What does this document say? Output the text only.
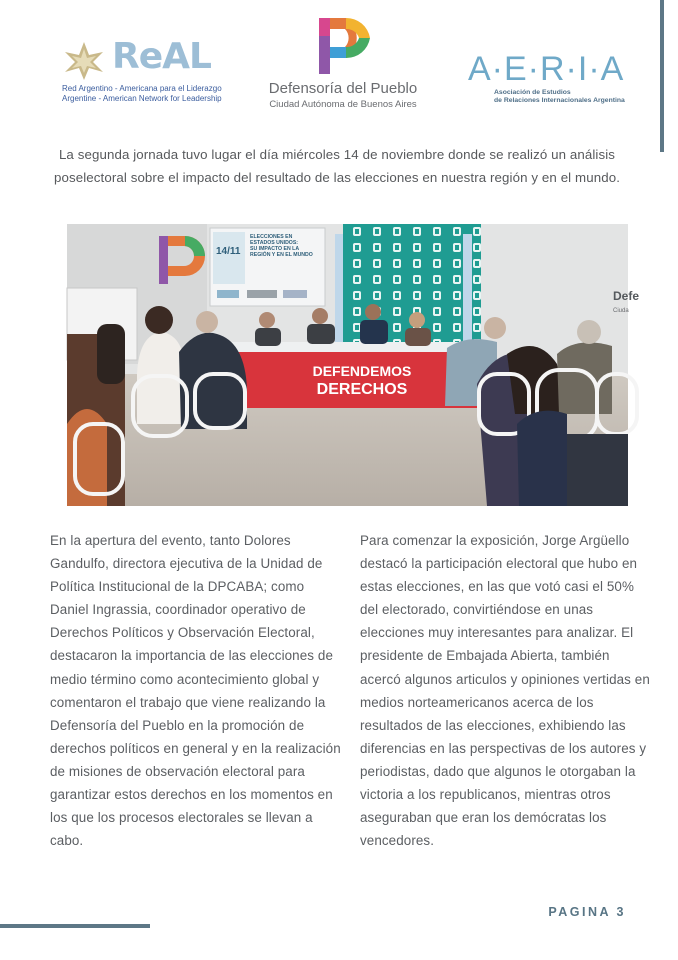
ReAL
Red Argentino - Americana para el Liderazgo
Argentine - American Network for Leadership
Defensoría del Pueblo
Ciudad Autónoma de Buenos Aires
A·E·R·I·A
Asociación de Estudios
de Relaciones Internacionales Argentina
La segunda jornada tuvo lugar el día miércoles 14 de noviembre donde se realizó un análisis poselectoral sobre el impacto del resultado de las elecciones en nuestra región y en el mundo.
ELECCIONES EN
ESTADOS UNIDOS:
SU IMPACTO EN LA
REGIÓN Y EN EL MUNDO
14/11
Defe
Ciuda
DEFENDEMOS
DERECHOS
En la apertura del evento, tanto Dolores Gandulfo, directora ejecutiva de la Unidad de Política Institucional de la DPCABA; como Daniel Ingrassia, coordinador operativo de Derechos Políticos y Observación Electoral, destacaron la importancia de las elecciones de medio término como acontecimiento global y comentaron el trabajo que viene realizando la Defensoría del Pueblo en la promoción de derechos políticos en general y en la realización de misiones de observación electoral para garantizar estos derechos en los momentos en los que los procesos electorales se llevan a cabo.
Para comenzar la exposición, Jorge Argüello destacó la participación electoral que hubo en estas elecciones, en las que votó casi el 50% del electorado, convirtiéndose en unas elecciones muy interesantes para analizar. El presidente de Embajada Abierta, también acercó algunos articulos y opiniones vertidas en medios norteamericanos acerca de los resultados de las elecciones, exhibiendo las diferencias en las perspectivas de los autores y periodistas, dado que algunos le otorgaban la victoria a los republicanos, mientras otros aseguraban que eran los demócratas los vencedores.
PAGINA 3
